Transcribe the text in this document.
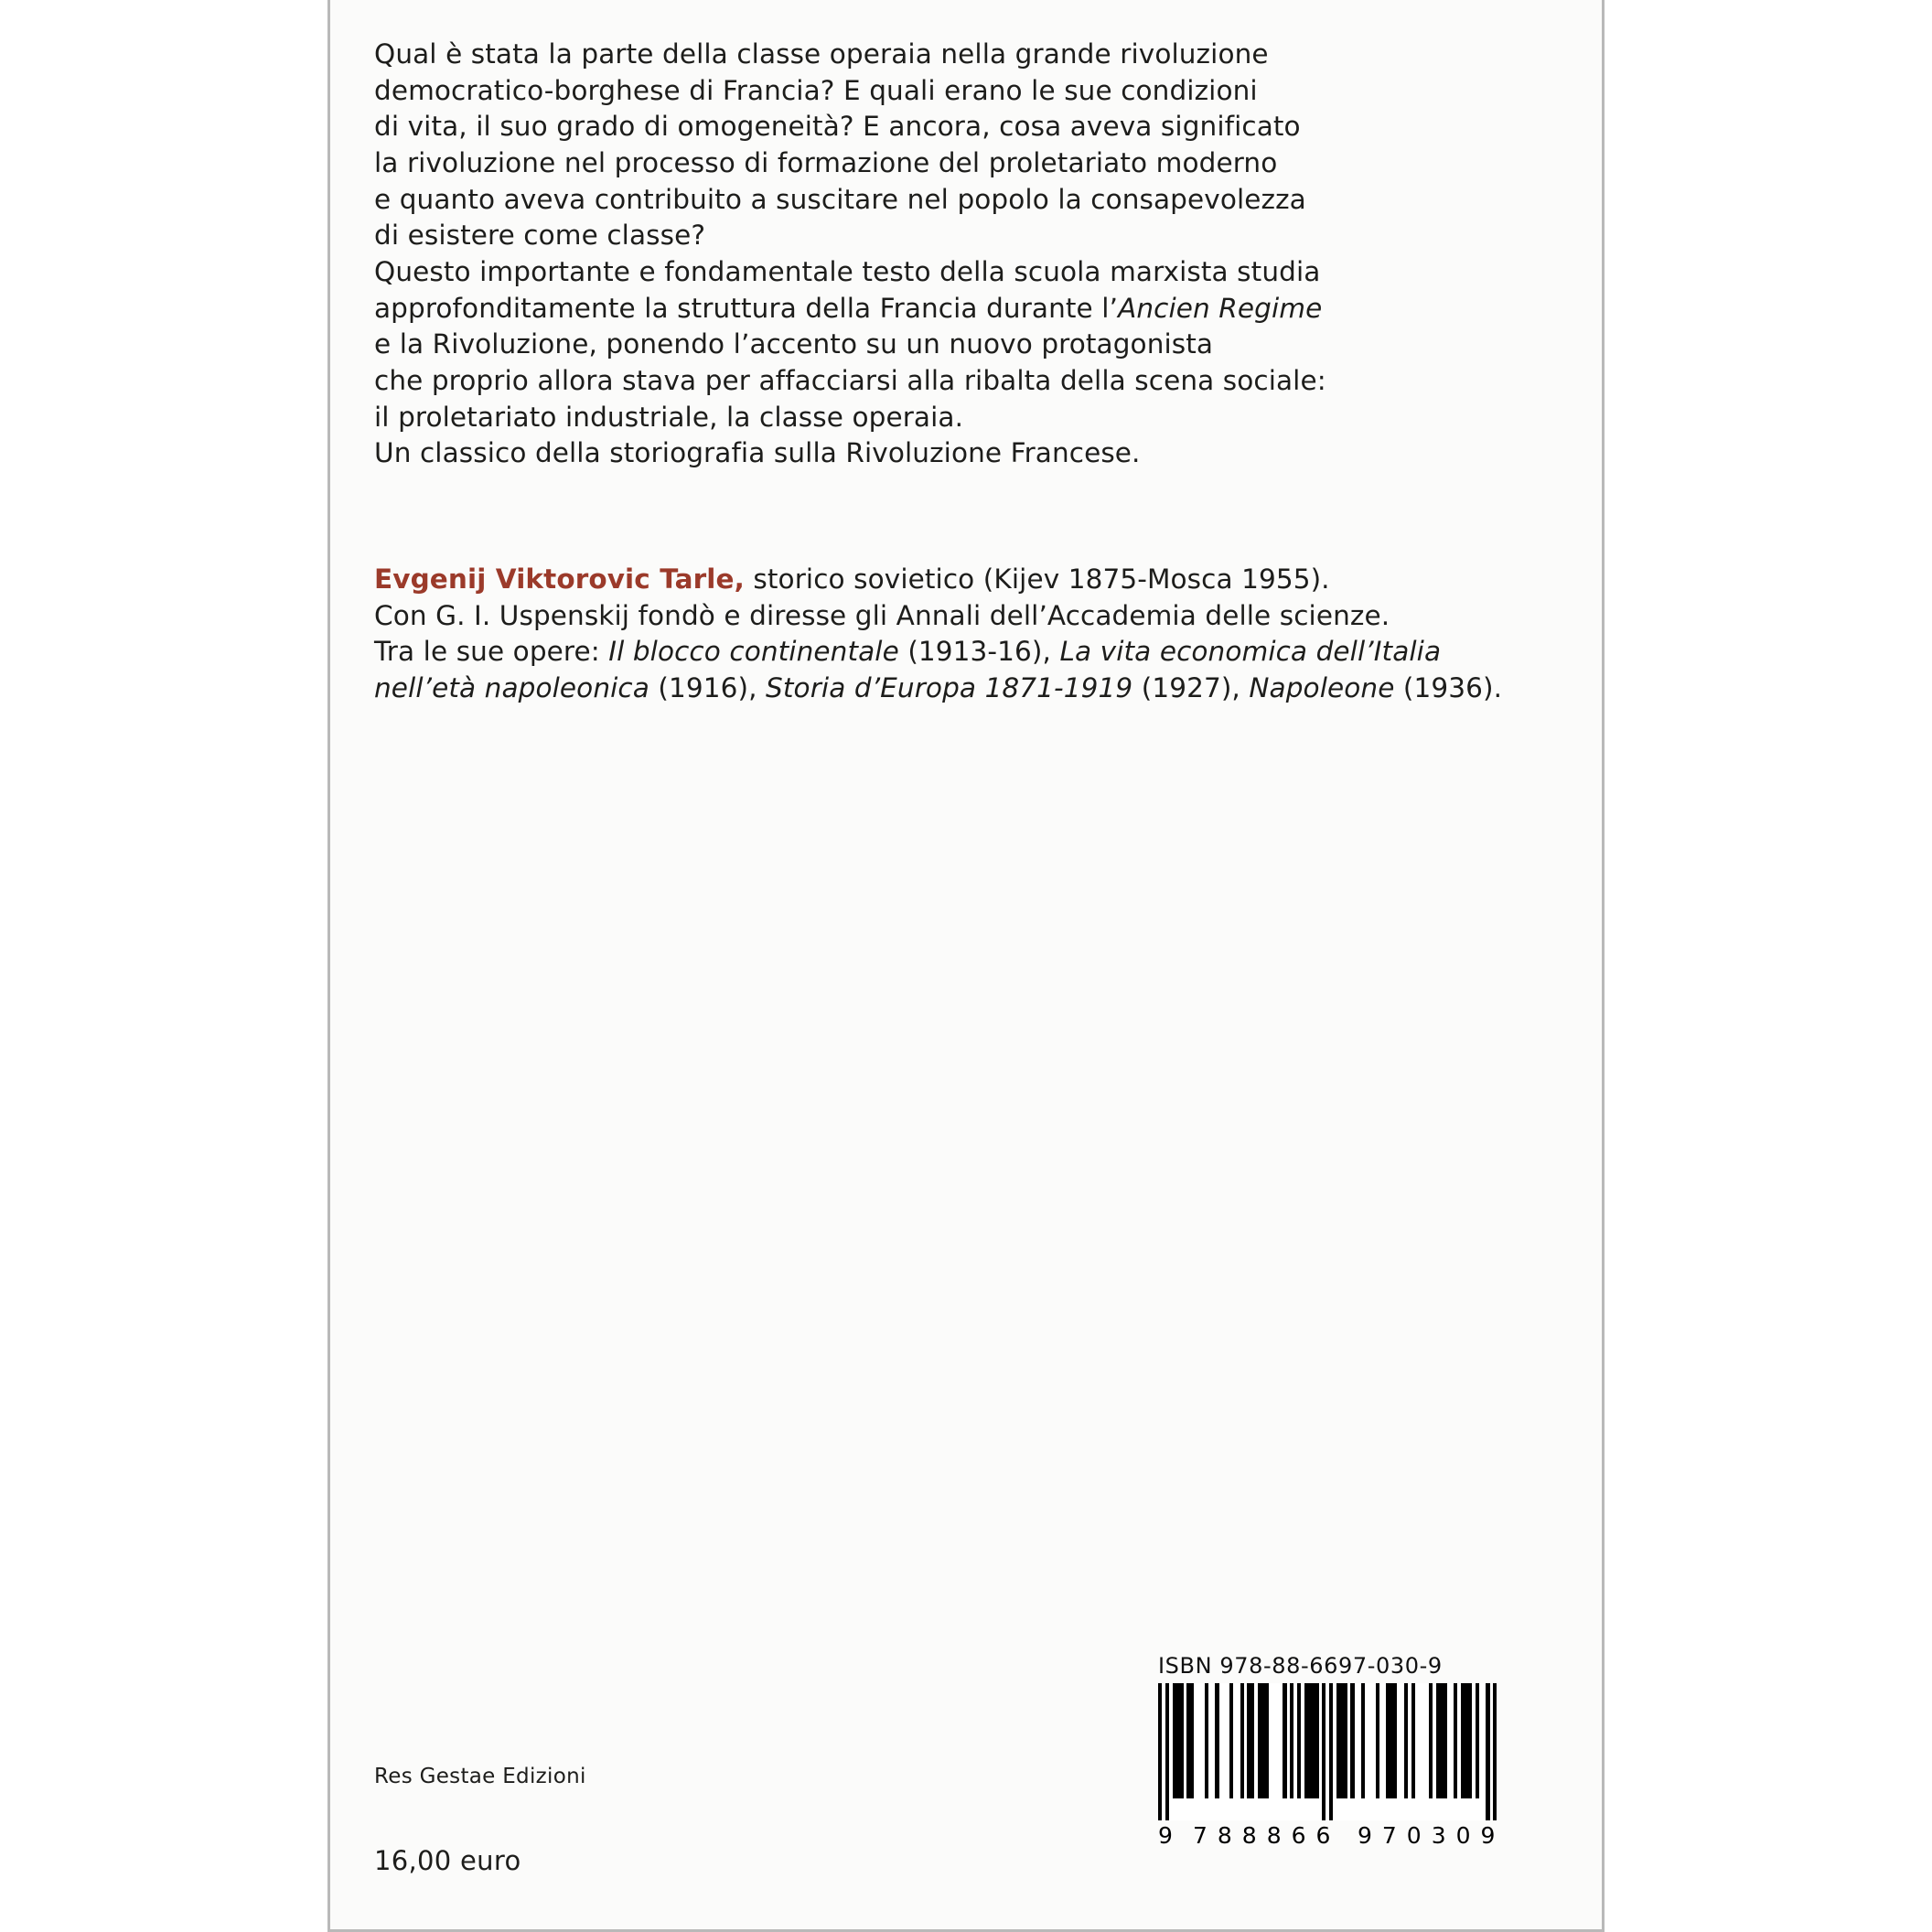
Qual è stata la parte della classe operaia nella grande rivoluzione

democratico-borghese di Francia? E quali erano le sue condizioni

di vita, il suo grado di omogeneità? E ancora, cosa aveva significato

la rivoluzione nel processo di formazione del proletariato moderno

e quanto aveva contribuito a suscitare nel popolo la consapevolezza

di esistere come classe?

Questo importante e fondamentale testo della scuola marxista studia

approfonditamente la struttura della Francia durante l’Ancien Regime

e la Rivoluzione, ponendo l’accento su un nuovo protagonista

che proprio allora stava per affacciarsi alla ribalta della scena sociale:

il proletariato industriale, la classe operaia.

Un classico della storiografia sulla Rivoluzione Francese.

Evgenij Viktorovic Tarle, storico sovietico (Kijev 1875-Mosca 1955).

Con G. I. Uspenskij fondò e diresse gli Annali dell’Accademia delle scienze.

Tra le sue opere: Il blocco continentale (1913-16), La vita economica dell’Italia

nell’età napoleonica (1916), Storia d’Europa 1871-1919 (1927), Napoleone (1936).

ISBN 978-88-6697-030-9
9 788866 970309
Res Gestae Edizioni
16,00 euro
